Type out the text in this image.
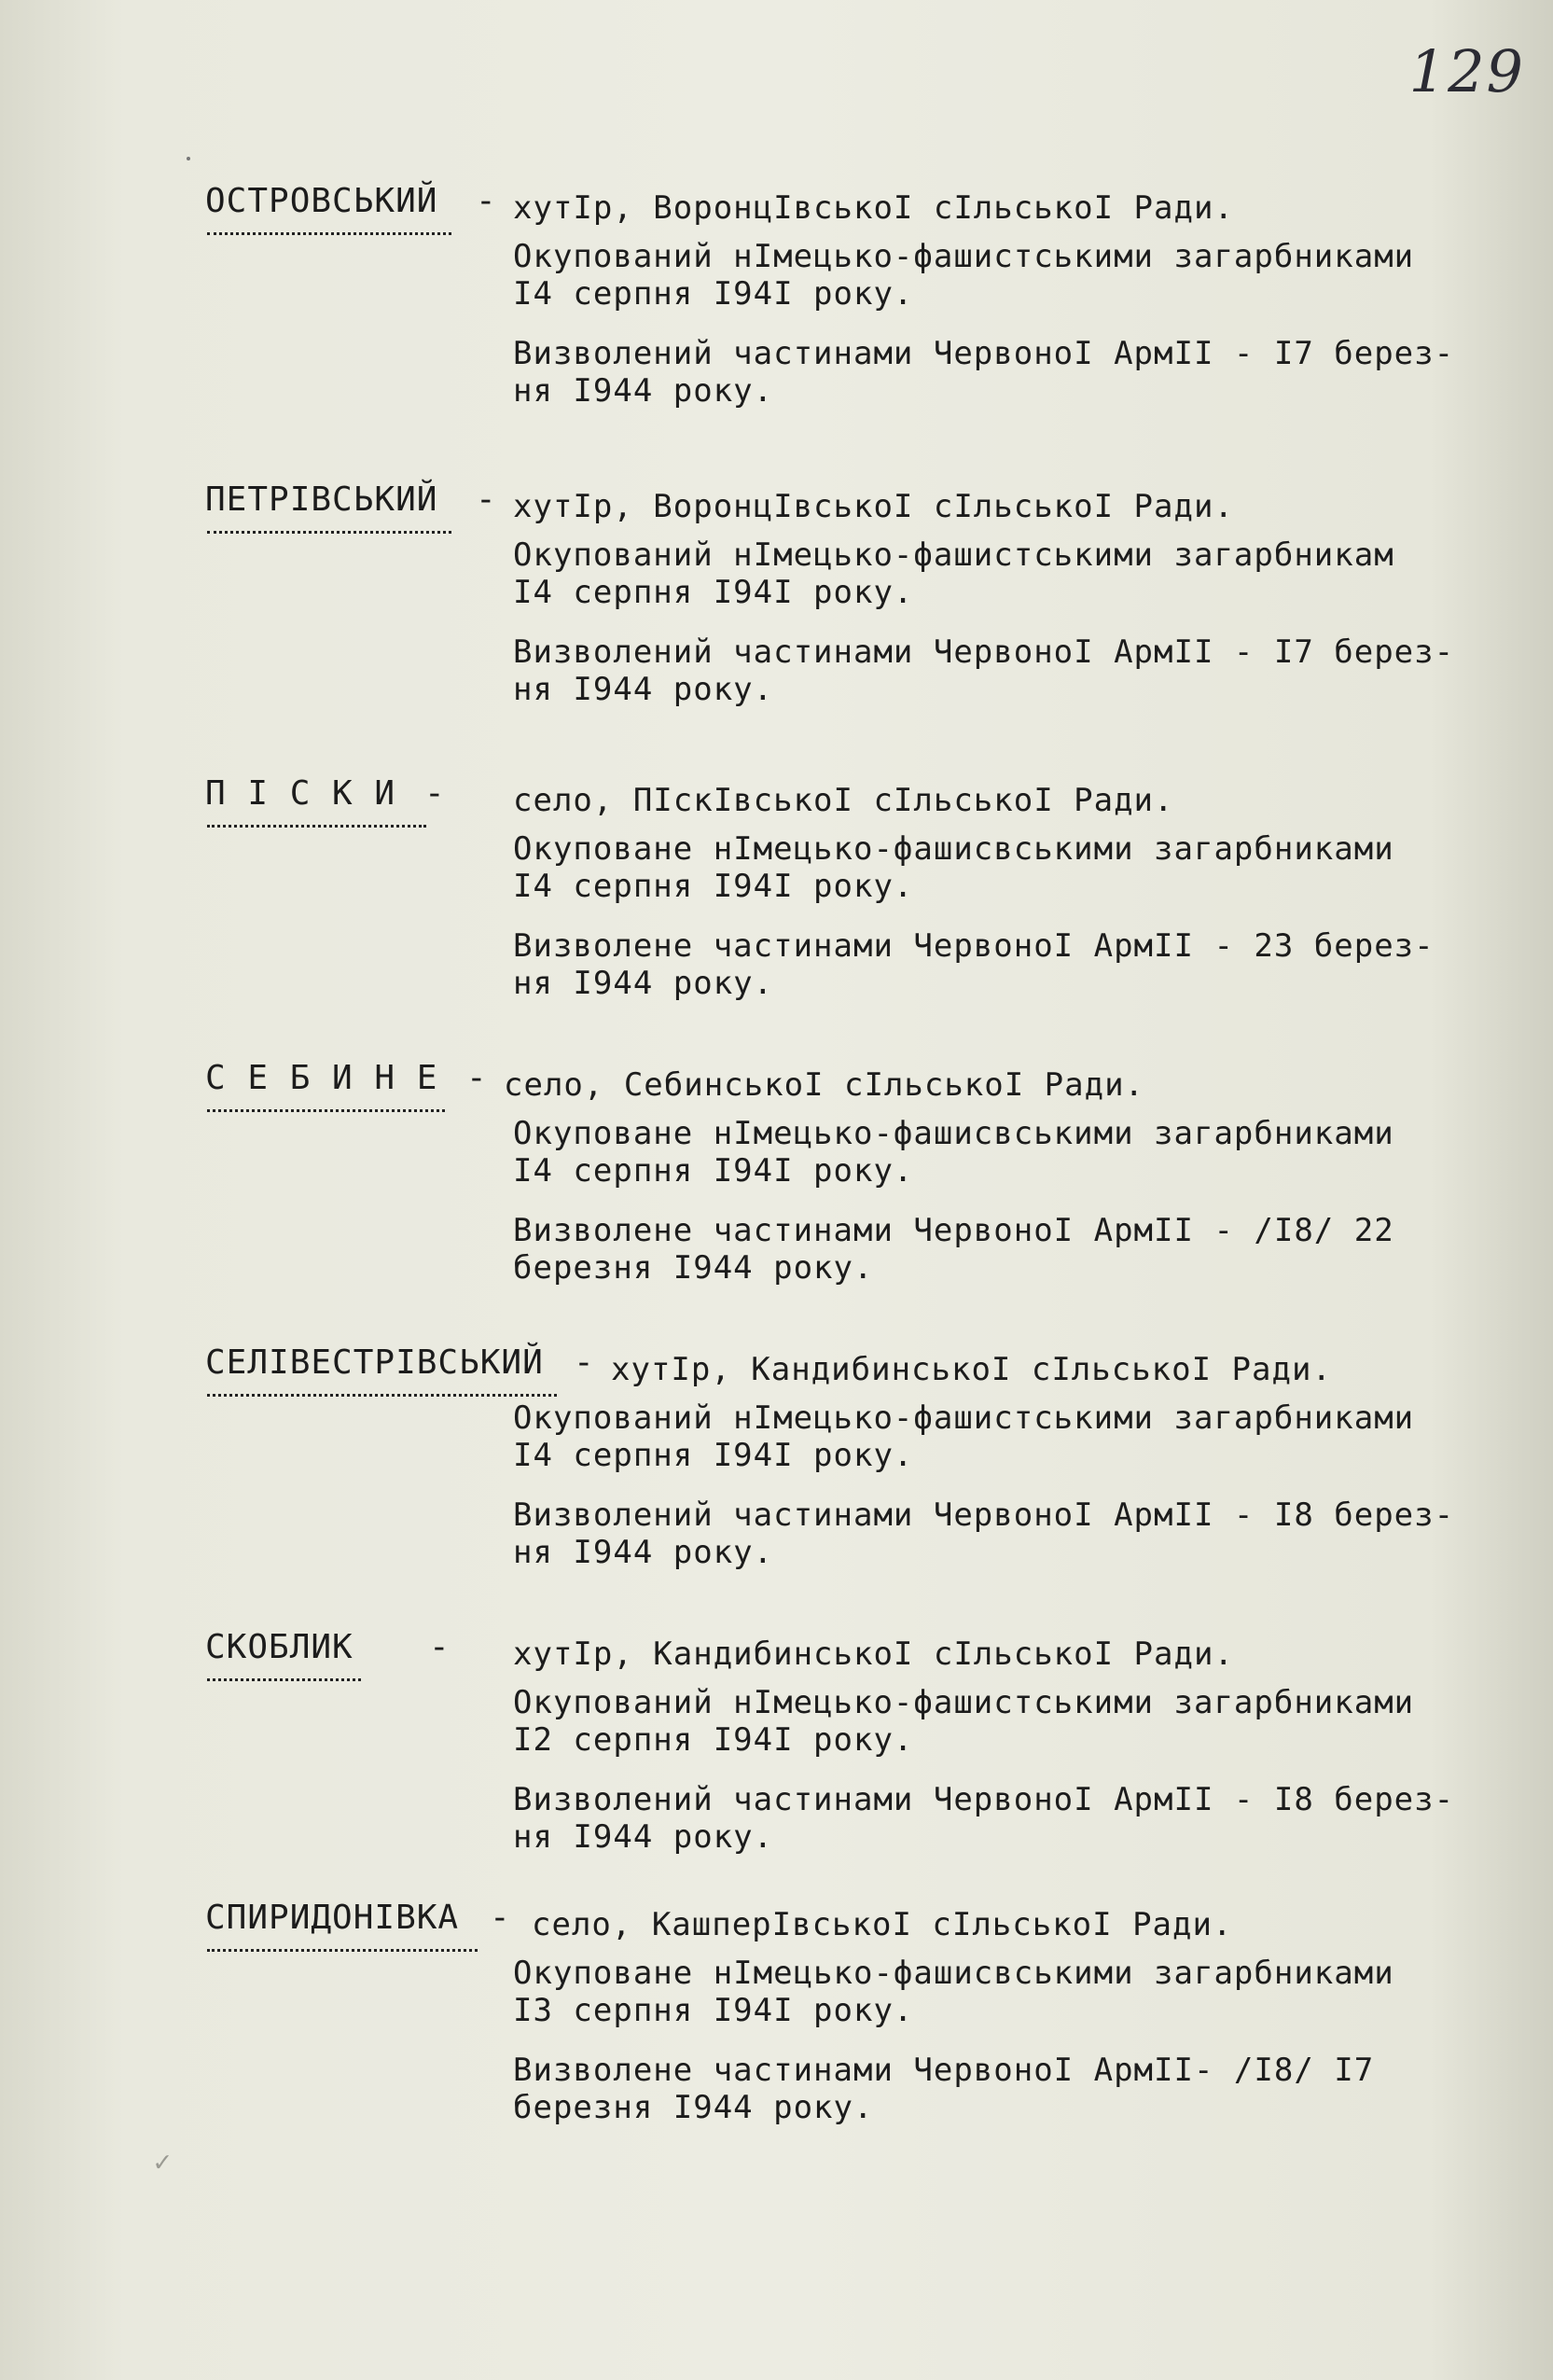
129
ОСТРОВСЬКИЙ - хутІр, ВоронцІвськоІ сІльськоІ Ради.

Окупований нІмецько-фашистськими загарбниками
І4 серпня І94І року.

Визволений частинами ЧервоноІ АрмІІ - І7 берез-
ня І944 року.

ПЕТРІВСЬКИЙ - хутІр, ВоронцІвськоІ сІльськоІ Ради.

Окупований нІмецько-фашистськими загарбникам
І4 серпня І94І року.

Визволений частинами ЧервоноІ АрмІІ - І7 берез-
ня І944 року.

П І С К И - село, ПІскІвськоІ сІльськоІ Ради.

Окуповане нІмецько-фашисвськими загарбниками
І4 серпня І94І року.

Визволене частинами ЧервоноІ АрмІІ - 23 берез-
ня І944 року.

С Е Б И Н Е - село, СебинськоІ сІльськоІ Ради.

Окуповане нІмецько-фашисвськими загарбниками
І4 серпня І94І року.

Визволене частинами ЧервоноІ АрмІІ - /І8/ 22
березня І944 року.

СЕЛІВЕСТРІВСЬКИЙ - хутІр, КандибинськоІ сІльськоІ Ради.

Окупований нІмецько-фашистськими загарбниками
І4 серпня І94І року.

Визволений частинами ЧервоноІ АрмІІ - І8 берез-
ня І944 року.

СКОБЛИК - хутІр, КандибинськоІ сІльськоІ Ради.

Окупований нІмецько-фашистськими загарбниками
І2 серпня І94І року.

Визволений частинами ЧервоноІ АрмІІ - І8 берез-
ня І944 року.

СПИРИДОНІВКА - село, КашперІвськоІ сІльськоІ Ради.

Окуповане нІмецько-фашисвськими загарбниками
І3 серпня І94І року.

Визволене частинами ЧервоноІ АрмІІ- /І8/ І7
березня І944 року.

✓
